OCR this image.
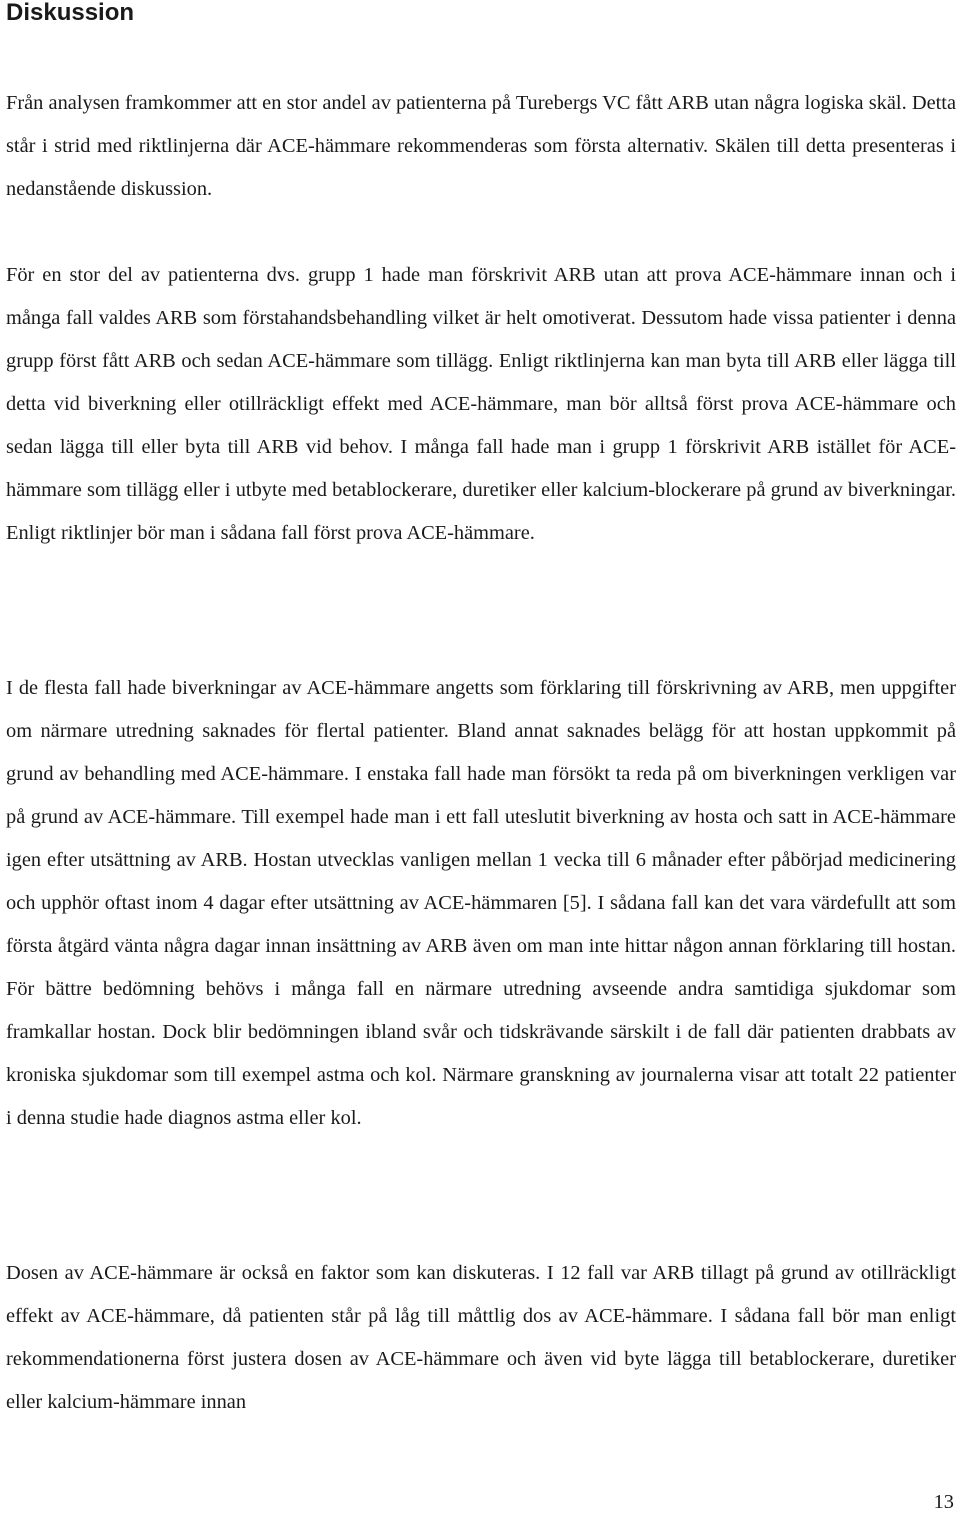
Diskussion

Från analysen framkommer att en stor andel av patienterna på Turebergs VC fått ARB utan några logiska skäl. Detta står i strid med riktlinjerna där ACE-hämmare rekommenderas som första alternativ. Skälen till detta presenteras i nedanstående diskussion.

För en stor del av patienterna dvs. grupp 1 hade man förskrivit ARB utan att prova ACE-hämmare innan och i många fall valdes ARB som förstahandsbehandling vilket är helt omotiverat. Dessutom hade vissa patienter i denna grupp först fått ARB och sedan ACE-hämmare som tillägg. Enligt riktlinjerna kan man byta till ARB eller lägga till detta vid biverkning eller otillräckligt effekt med ACE-hämmare, man bör alltså först prova ACE-hämmare och sedan lägga till eller byta till ARB vid behov. I många fall hade man i grupp 1 förskrivit ARB istället för ACE-hämmare som tillägg eller i utbyte med betablockerare, duretiker eller kalcium-blockerare på grund av biverkningar. Enligt riktlinjer bör man i sådana fall först prova ACE-hämmare.

I de flesta fall hade biverkningar av ACE-hämmare angetts som förklaring till förskrivning av ARB, men uppgifter om närmare utredning saknades för flertal patienter. Bland annat saknades belägg för att hostan uppkommit på grund av behandling med ACE-hämmare. I enstaka fall hade man försökt ta reda på om biverkningen verkligen var på grund av ACE-hämmare. Till exempel hade man i ett fall uteslutit biverkning av hosta och satt in ACE-hämmare igen efter utsättning av ARB. Hostan utvecklas vanligen mellan 1 vecka till 6 månader efter påbörjad medicinering och upphör oftast inom 4 dagar efter utsättning av ACE-hämmaren [5]. I sådana fall kan det vara värdefullt att som första åtgärd vänta några dagar innan insättning av ARB även om man inte hittar någon annan förklaring till hostan. För bättre bedömning behövs i många fall en närmare utredning avseende andra samtidiga sjukdomar som framkallar hostan. Dock blir bedömningen ibland svår och tidskrävande särskilt i de fall där patienten drabbats av kroniska sjukdomar som till exempel astma och kol. Närmare granskning av journalerna visar att totalt 22 patienter i denna studie hade diagnos astma eller kol.

Dosen av ACE-hämmare är också en faktor som kan diskuteras. I 12 fall var ARB tillagt på grund av otillräckligt effekt av ACE-hämmare, då patienten står på låg till måttlig dos av ACE-hämmare. I sådana fall bör man enligt rekommendationerna först justera dosen av ACE-hämmare och även vid byte lägga till betablockerare, duretiker eller kalcium-hämmare innan

13
